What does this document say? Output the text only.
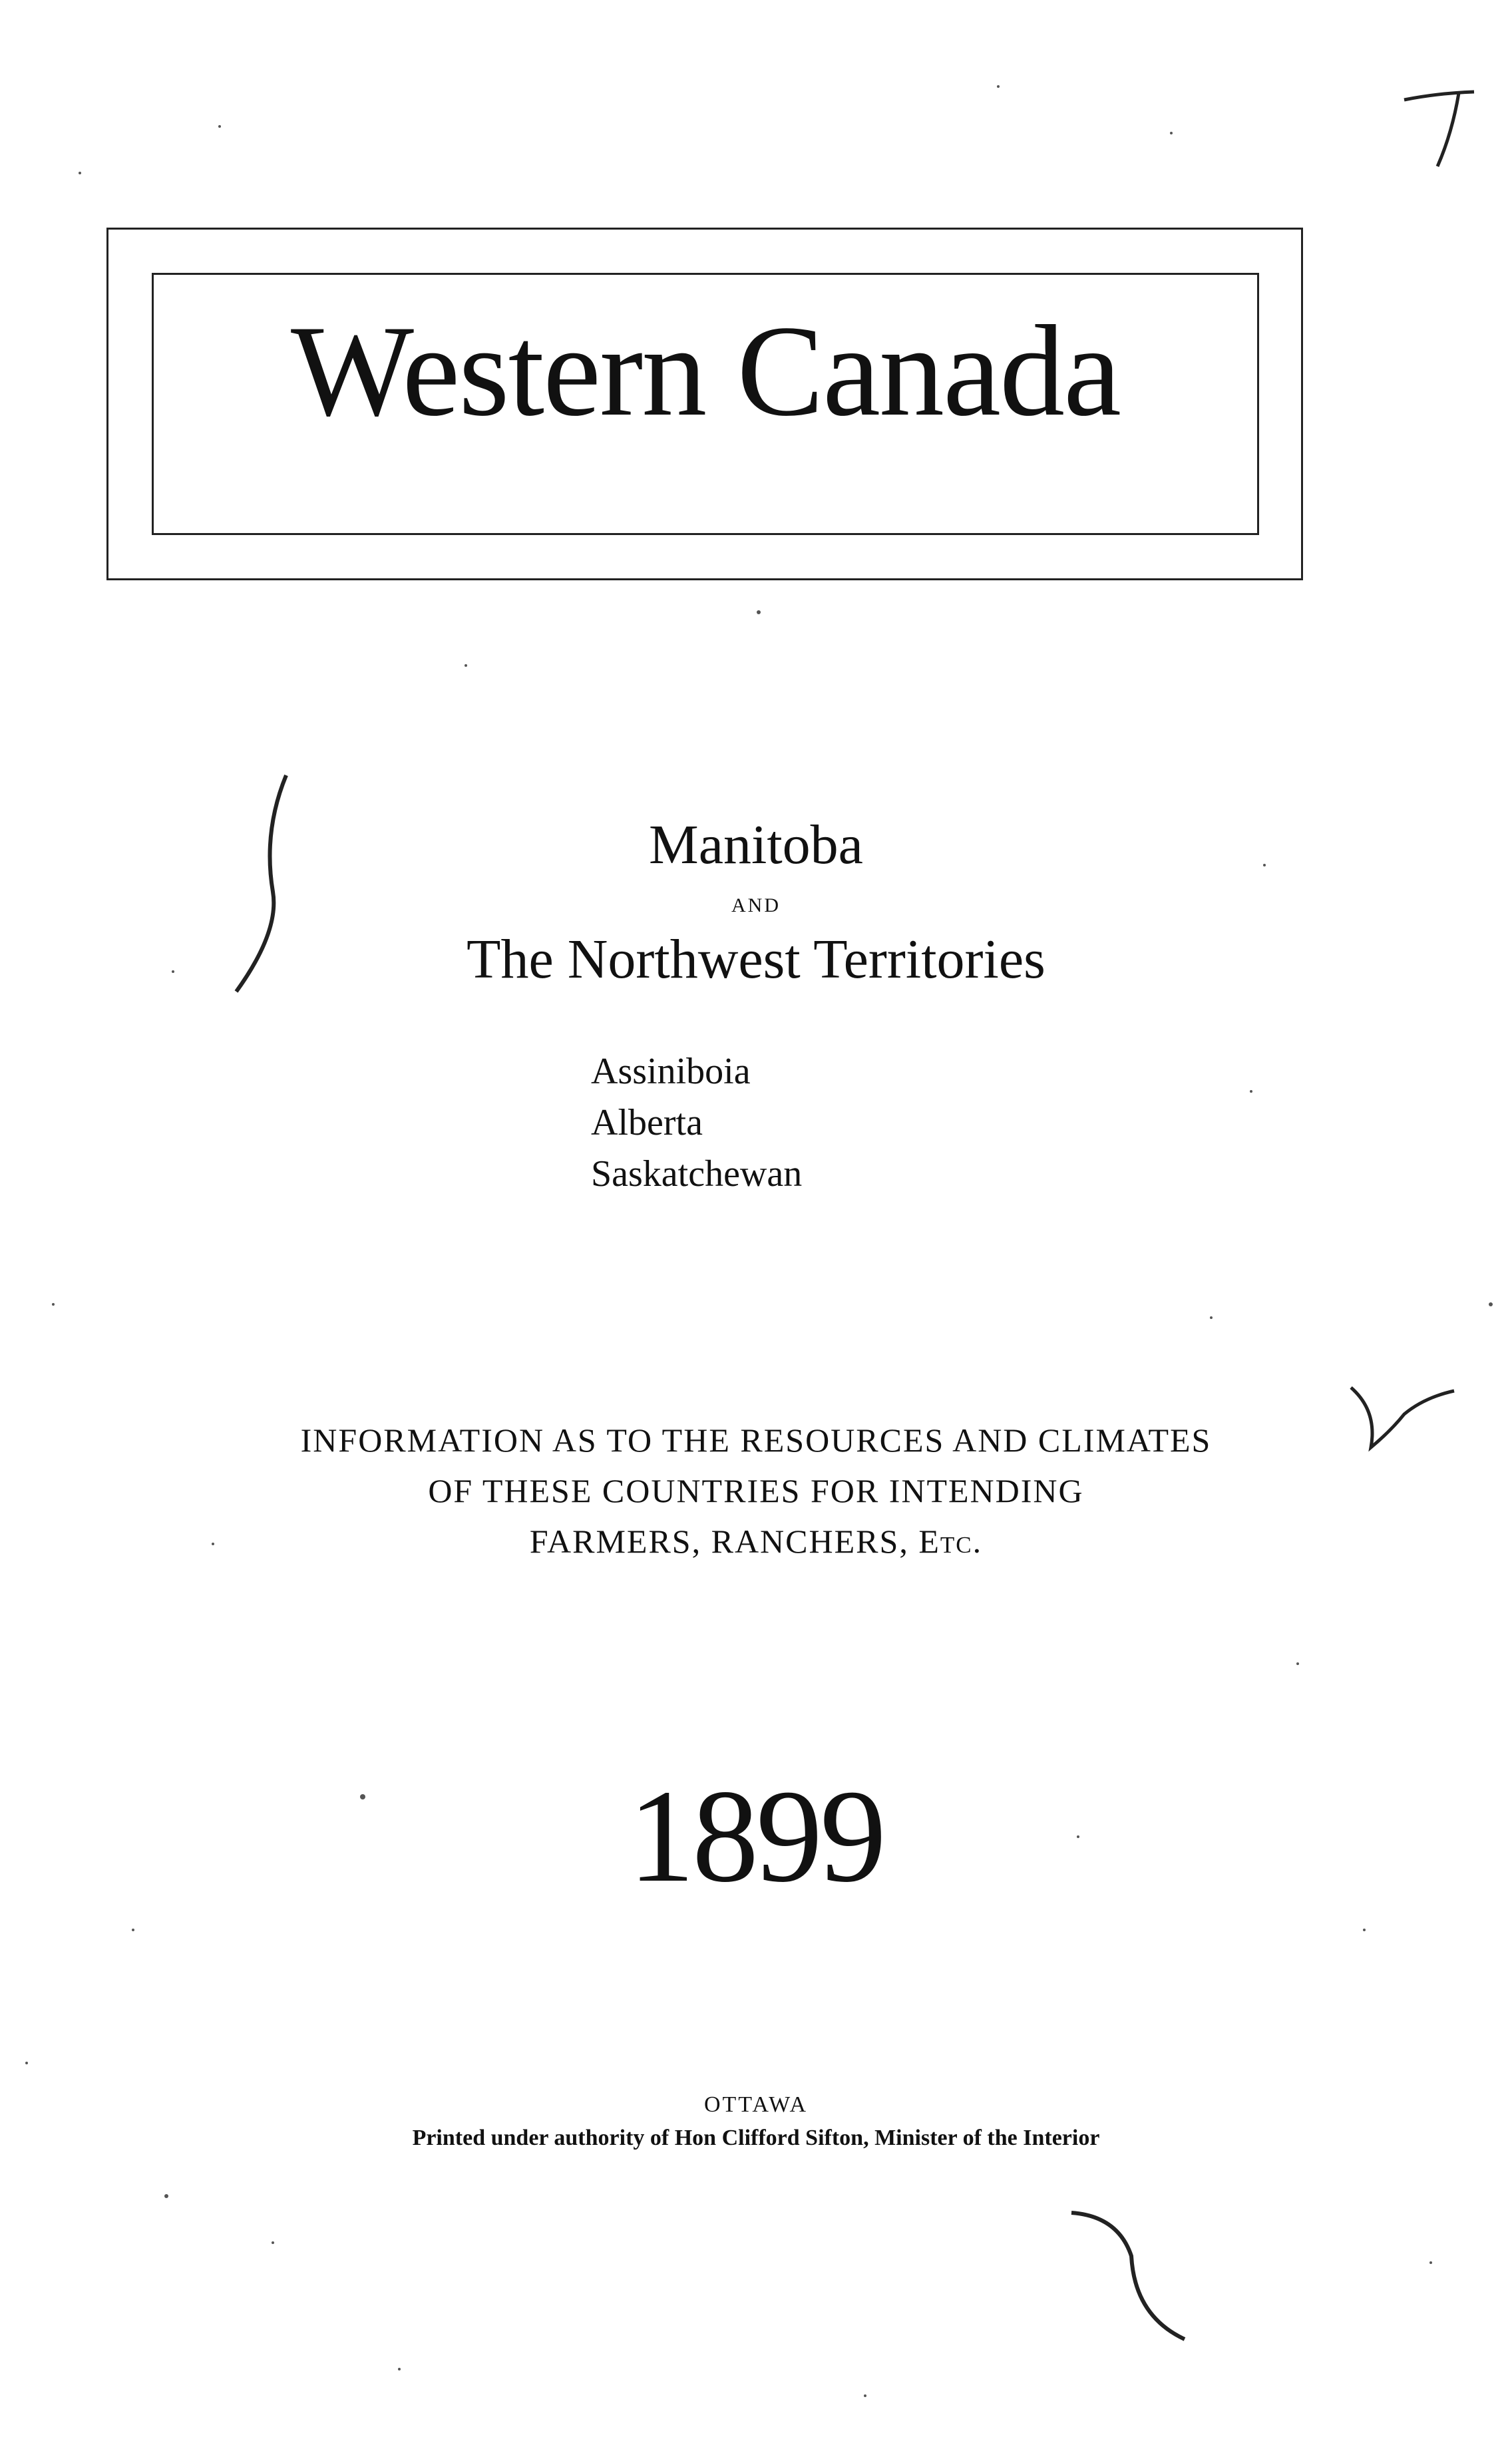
Western Canada
Manitoba
AND
The Northwest Territories
Assiniboia
Alberta
Saskatchewan
INFORMATION AS TO THE RESOURCES AND CLIMATES
OF THESE COUNTRIES FOR INTENDING
FARMERS, RANCHERS, Etc.
1899
OTTAWA
Printed under authority of Hon Clifford Sifton, Minister of the Interior
